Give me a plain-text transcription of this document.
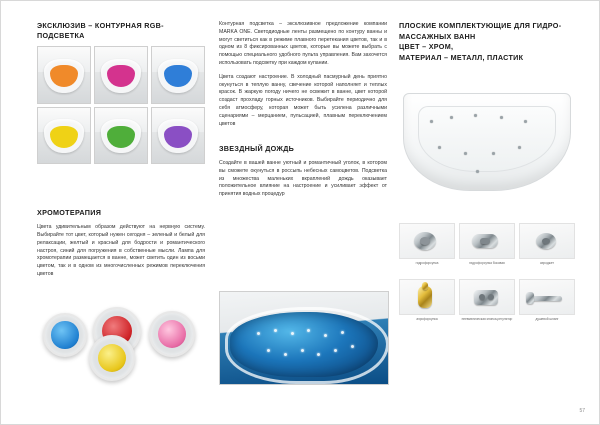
ЭКСКЛЮЗИВ – КОНТУРНАЯ RGB-ПОДСВЕТКА
ХРОМОТЕРАПИЯ

Цвета удивительным образом действуют на нервную систему. Выбирайте тот цвет, который нужен сегодня – зеленый и белый для релаксации, желтый и красный для бодрости и романтического настроя, синий для погружения в собственные мысли. Лампа для хромотерапии размещается в ванне, может светить один из восьми цветом, так и в одном из многочисленных режимов переключения цветов

Контурная подсветка – эксклюзивное предложение компании MARKA ONE. Светодиодные ленты размещено по контуру ванны и могут светиться как в режиме плавного перетекания цветов, так и в одном из 8 фиксированных цветов, которые вы можете выбрать с помощью специального удобного пульта управления. Вам захочется использовать подсветку при каждом купании.

Цвета создают настроение. В холодный пасмурный день приятно окунуться в теплую ванну, свечение которой наполняет и теплых красок. В жаркую погоду ничего не освежит в ванне, цвет которой создаст прохладу горных источников. Выбирайте периодично для себя атмосферу, которая может быть усилена различными сценариями – мерцанием, пульсацией, плавным переключением цветов

ЗВЕЗДНЫЙ ДОЖДЬ

Создайте в вашей ванне уютный и романтичный уголок, в котором вы сможете окунуться в россыпь небесных самоцветов. Подсветка из множества маленьких вкраплений дождь оказывает положительное влияние на настроение и усиливает эффект от принятия водных процедур

ПЛОСКИЕ КОМПЛЕКТУЮЩИЕ ДЛЯ ГИДРО-
МАССАЖНЫХ ВАНН
ЦВЕТ – ХРОМ,
МАТЕРИАЛ – МЕТАЛЛ, ПЛАСТИК
гидрофорсунка	гидрофорсунка боковая	аэроджет
аэрофорсунка	пневматическая кнопка-регулятор	душевой шланг
57
